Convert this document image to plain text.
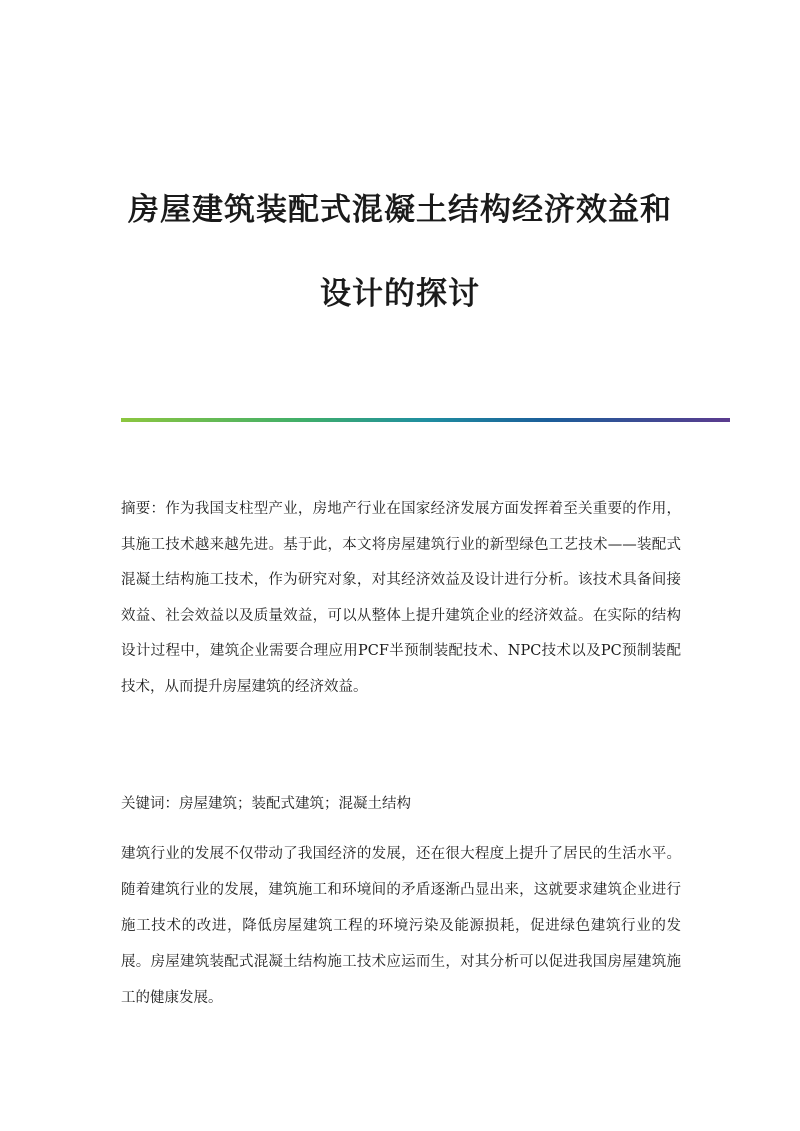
房屋建筑装配式混凝土结构经济效益和
设计的探讨

摘要：作为我国支柱型产业，房地产行业在国家经济发展方面发挥着至关重要的作用，其施工技术越来越先进。基于此，本文将房屋建筑行业的新型绿色工艺技术——装配式混凝土结构施工技术，作为研究对象，对其经济效益及设计进行分析。该技术具备间接效益、社会效益以及质量效益，可以从整体上提升建筑企业的经济效益。在实际的结构设计过程中，建筑企业需要合理应用PCF半预制装配技术、NPC技术以及PC预制装配技术，从而提升房屋建筑的经济效益。

关键词：房屋建筑；装配式建筑；混凝土结构

建筑行业的发展不仅带动了我国经济的发展，还在很大程度上提升了居民的生活水平。随着建筑行业的发展，建筑施工和环境间的矛盾逐渐凸显出来，这就要求建筑企业进行施工技术的改进，降低房屋建筑工程的环境污染及能源损耗，促进绿色建筑行业的发展。房屋建筑装配式混凝土结构施工技术应运而生，对其分析可以促进我国房屋建筑施工的健康发展。
